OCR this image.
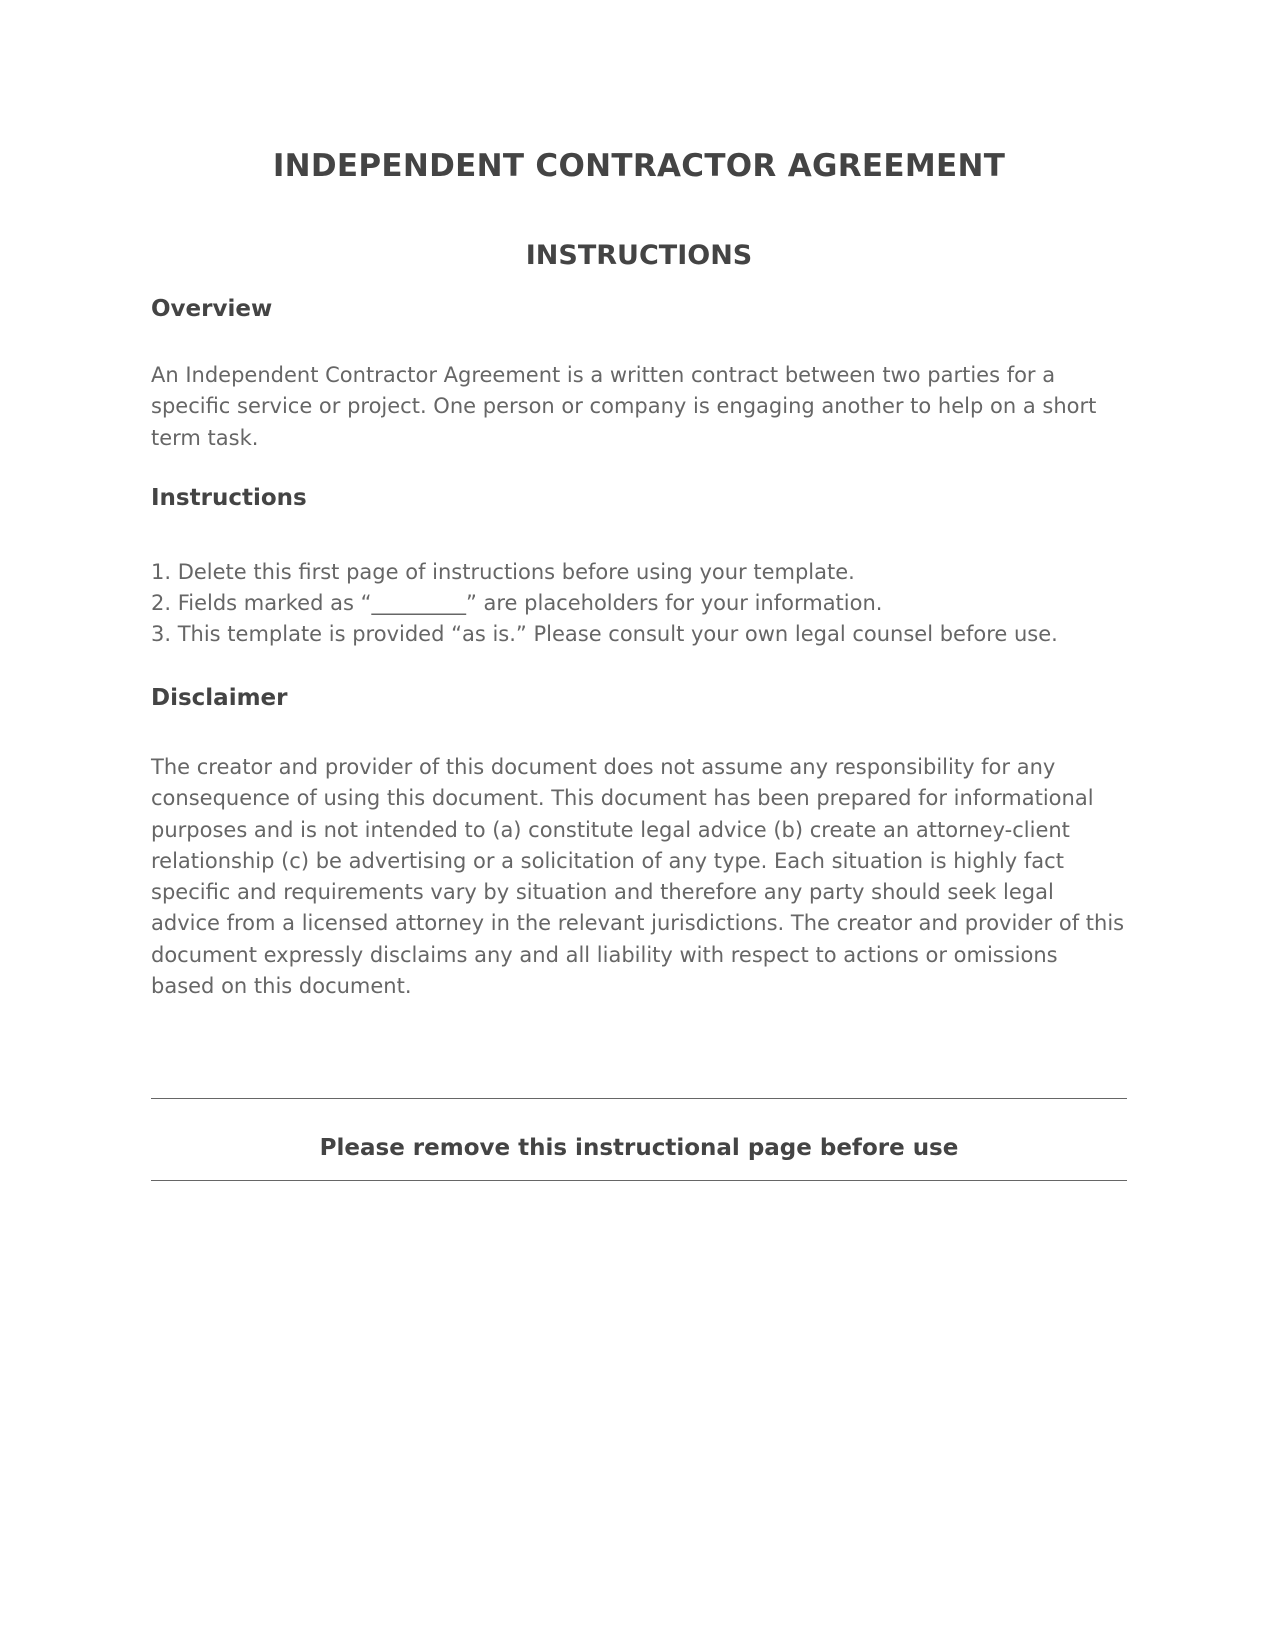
INDEPENDENT CONTRACTOR AGREEMENT
INSTRUCTIONS
Overview

An Independent Contractor Agreement is a written contract between two parties for a specific service or project. One person or company is engaging another to help on a short term task.

Instructions
1. Delete this first page of instructions before using your template.
2. Fields marked as “_________” are placeholders for your information.
3. This template is provided “as is.” Please consult your own legal counsel before use.
Disclaimer

The creator and provider of this document does not assume any responsibility for any consequence of using this document. This document has been prepared for informational purposes and is not intended to (a) constitute legal advice (b) create an attorney-client relationship (c) be advertising or a solicitation of any type. Each situation is highly fact specific and requirements vary by situation and therefore any party should seek legal advice from a licensed attorney in the relevant jurisdictions. The creator and provider of this document expressly disclaims any and all liability with respect to actions or omissions based on this document.

Please remove this instructional page before use
